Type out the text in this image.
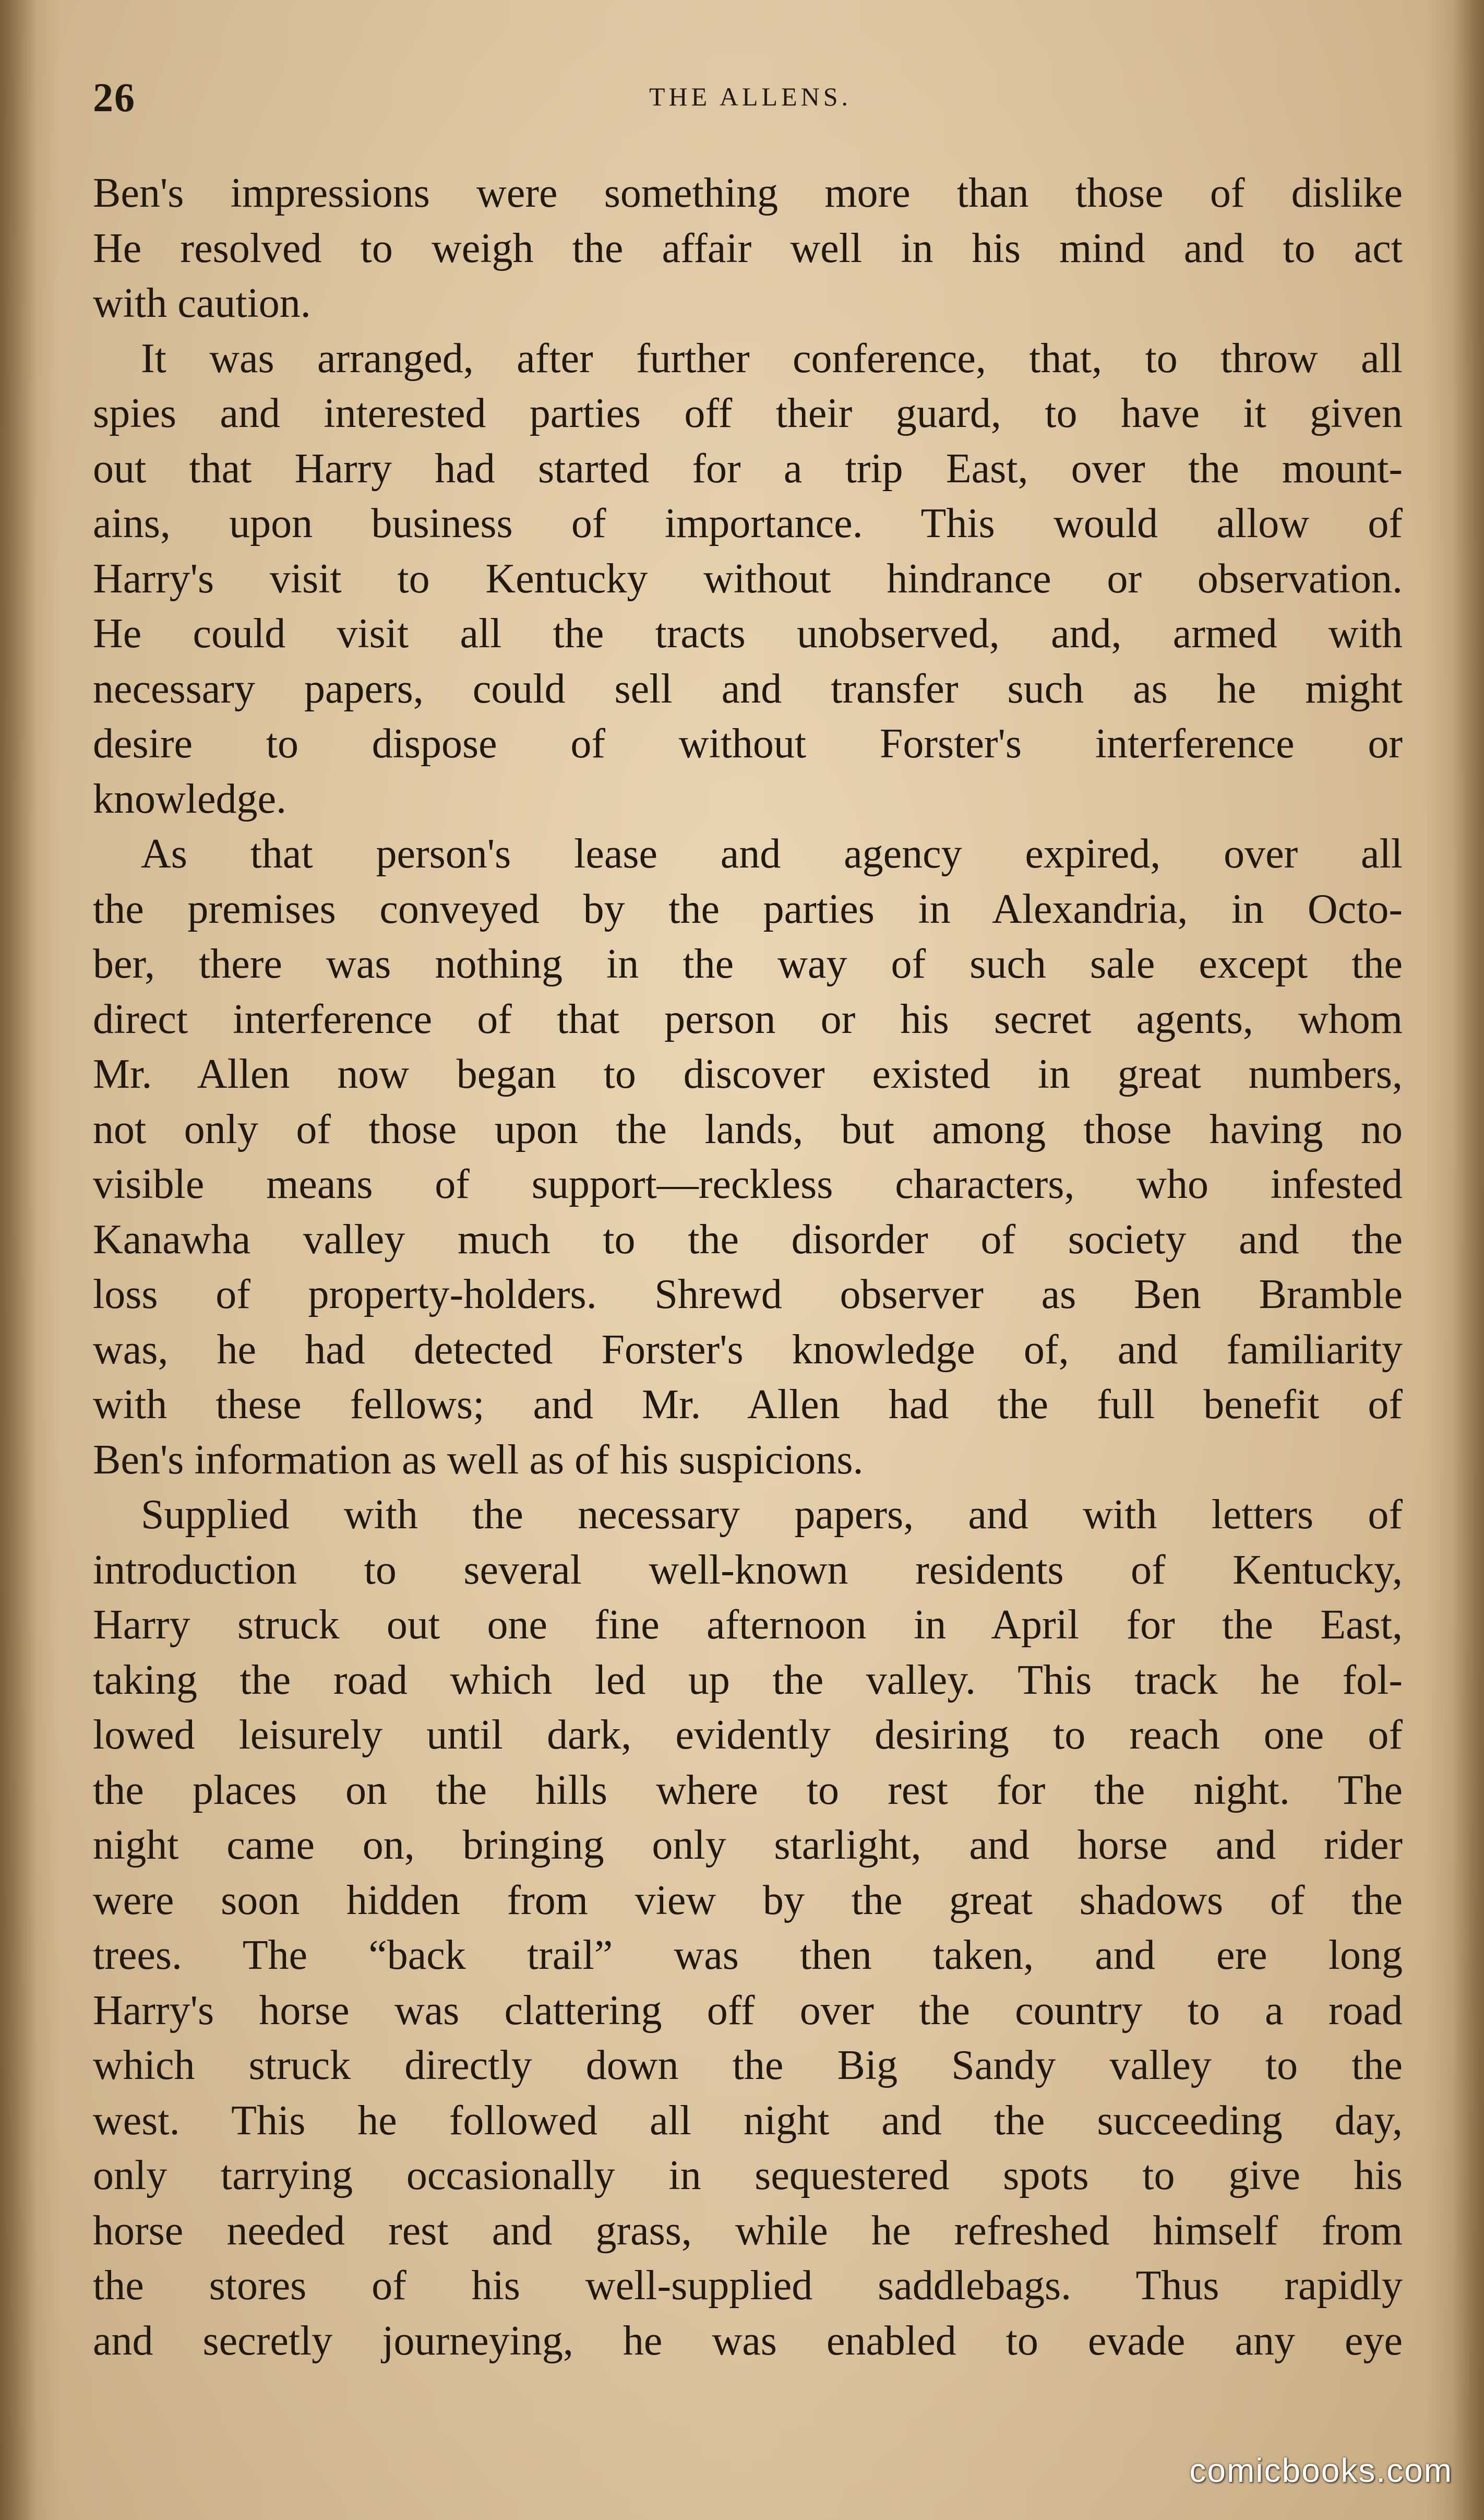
26	THE ALLENS.
Ben's impressions were something more than those of dislike
He resolved to weigh the affair well in his mind and to act
with caution.
It was arranged, after further conference, that, to throw all
spies and interested parties off their guard, to have it given
out that Harry had started for a trip East, over the mount-
ains, upon business of importance. This would allow of
Harry's visit to Kentucky without hindrance or observation.
He could visit all the tracts unobserved, and, armed with
necessary papers, could sell and transfer such as he might
desire to dispose of without Forster's interference or
knowledge.
As that person's lease and agency expired, over all
the premises conveyed by the parties in Alexandria, in Octo-
ber, there was nothing in the way of such sale except the
direct interference of that person or his secret agents, whom
Mr. Allen now began to discover existed in great numbers,
not only of those upon the lands, but among those having no
visible means of support—reckless characters, who infested
Kanawha valley much to the disorder of society and the
loss of property-holders. Shrewd observer as Ben Bramble
was, he had detected Forster's knowledge of, and familiarity
with these fellows; and Mr. Allen had the full benefit of
Ben's information as well as of his suspicions.
Supplied with the necessary papers, and with letters of
introduction to several well-known residents of Kentucky,
Harry struck out one fine afternoon in April for the East,
taking the road which led up the valley. This track he fol-
lowed leisurely until dark, evidently desiring to reach one of
the places on the hills where to rest for the night. The
night came on, bringing only starlight, and horse and rider
were soon hidden from view by the great shadows of the
trees. The “back trail” was then taken, and ere long
Harry's horse was clattering off over the country to a road
which struck directly down the Big Sandy valley to the
west. This he followed all night and the succeeding day,
only tarrying occasionally in sequestered spots to give his
horse needed rest and grass, while he refreshed himself from
the stores of his well-supplied saddlebags. Thus rapidly
and secretly journeying, he was enabled to evade any eye
comicbooks.com
